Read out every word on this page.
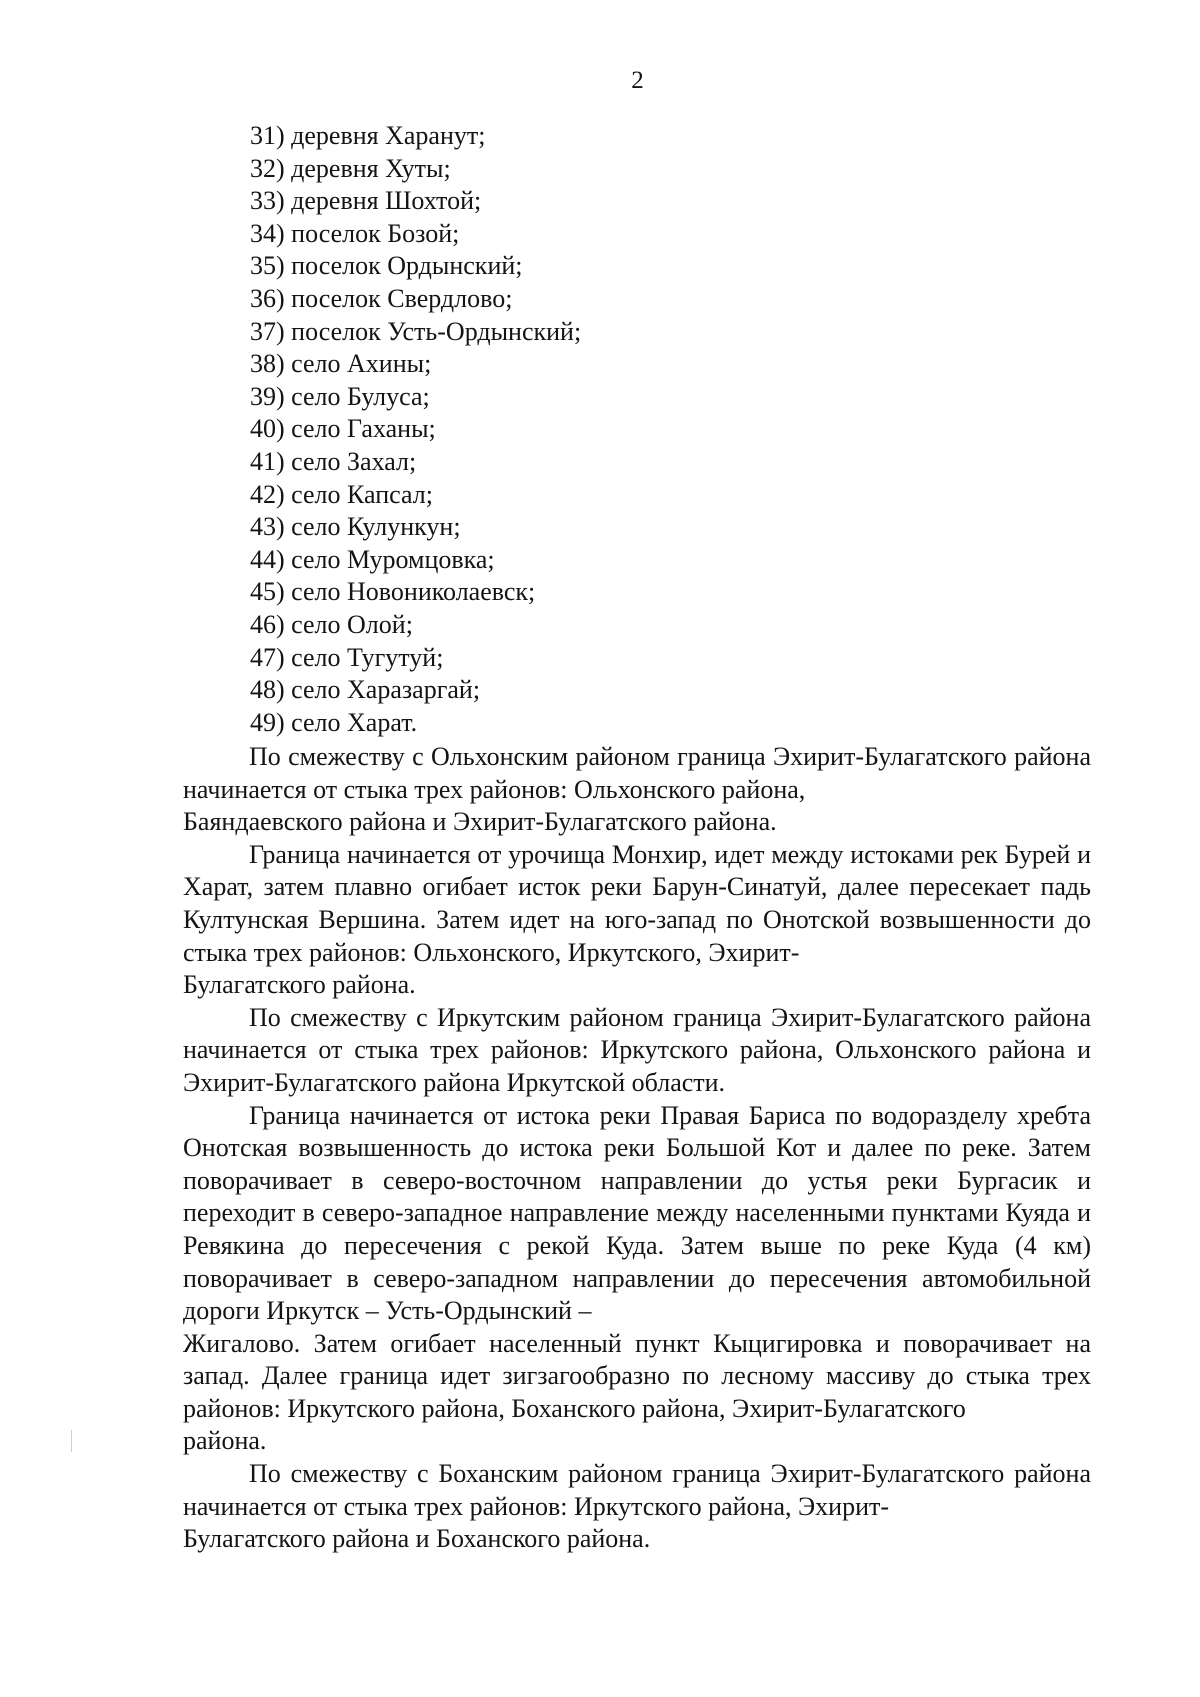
2
31) деревня Харанут;
32) деревня Хуты;
33) деревня Шохтой;
34) поселок Бозой;
35) поселок Ордынский;
36) поселок Свердлово;
37) поселок Усть-Ордынский;
38) село Ахины;
39) село Булуса;
40) село Гаханы;
41) село Захал;
42) село Капсал;
43) село Кулункун;
44) село Муромцовка;
45) село Новониколаевск;
46) село Олой;
47) село Тугутуй;
48) село Харазаргай;
49) село Харат.

По смежеству с Ольхонским районом граница Эхирит-Булагатского района начинается от стыка трех районов: Ольхонского района,
Баяндаевского района и Эхирит-Булагатского района.

Граница начинается от урочища Монхир, идет между истоками рек Бурей и Харат, затем плавно огибает исток реки Барун-Синатуй, далее пересекает падь Култунская Вершина. Затем идет на юго-запад по Онотской возвышенности до стыка трех районов: Ольхонского, Иркутского, Эхирит-
Булагатского района.

По смежеству с Иркутским районом граница Эхирит-Булагатского района начинается от стыка трех районов: Иркутского района, Ольхонского района и Эхирит-Булагатского района Иркутской области.

Граница начинается от истока реки Правая Бариса по водоразделу хребта Онотская возвышенность до истока реки Большой Кот и далее по реке. Затем поворачивает в северо-восточном направлении до устья реки Бургасик и переходит в северо-западное направление между населенными пунктами Куяда и Ревякина до пересечения с рекой Куда. Затем выше по реке Куда (4 км) поворачивает в северо-западном направлении до пересечения автомобильной дороги Иркутск – Усть-Ордынский –
Жигалово. Затем огибает населенный пункт Кыцигировка и поворачивает на запад. Далее граница идет зигзагообразно по лесному массиву до стыка трех районов: Иркутского района, Боханского района, Эхирит-Булагатского
района.

По смежеству с Боханским районом граница Эхирит-Булагатского района начинается от стыка трех районов: Иркутского района, Эхирит-
Булагатского района и Боханского района.
